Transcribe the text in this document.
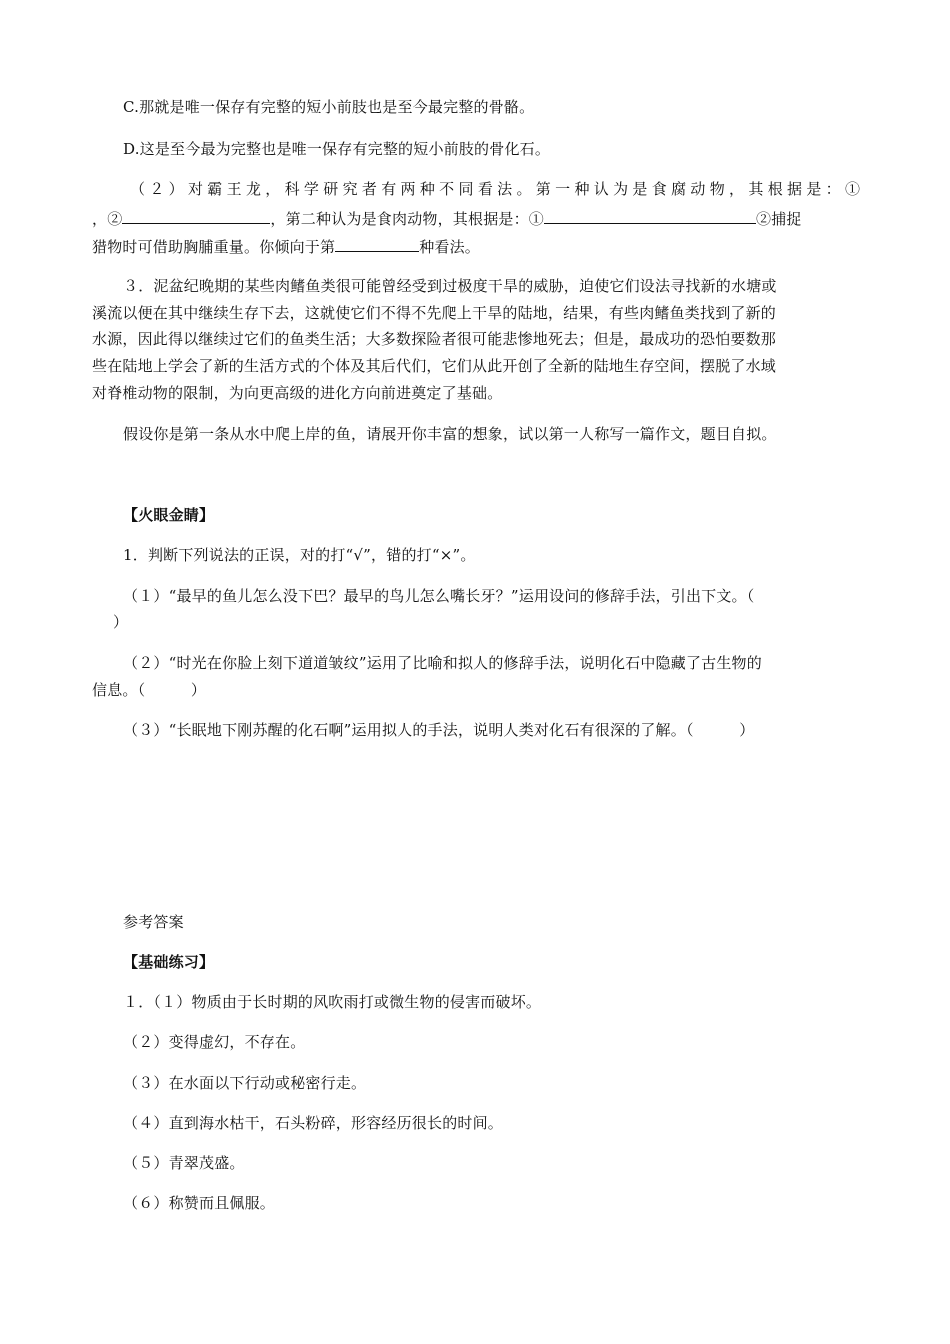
C.那就是唯一保存有完整的短小前肢也是至今最完整的骨骼。
D.这是至今最为完整也是唯一保存有完整的短小前肢的骨化石。
（２）对霸王龙，科学研究者有两种不同看法。第一种认为是食腐动物，其根据是：①
，②	，第二种认为是食肉动物，其根据是：①	②捕捉
猎物时可借助胸脯重量。你倾向于第	种看法。
３．泥盆纪晚期的某些肉鳍鱼类很可能曾经受到过极度干旱的威胁，迫使它们设法寻找新的水塘或
溪流以便在其中继续生存下去，这就使它们不得不先爬上干旱的陆地，结果，有些肉鳍鱼类找到了新的
水源，因此得以继续过它们的鱼类生活；大多数探险者很可能悲惨地死去；但是，最成功的恐怕要数那
些在陆地上学会了新的生活方式的个体及其后代们，它们从此开创了全新的陆地生存空间，摆脱了水域
对脊椎动物的限制，为向更高级的进化方向前进奠定了基础。
假设你是第一条从水中爬上岸的鱼，请展开你丰富的想象，试以第一人称写一篇作文，题目自拟。
【火眼金睛】
1．判断下列说法的正误，对的打“√”，错的打“×”。
（１）“最早的鱼儿怎么没下巴？最早的鸟儿怎么嘴长牙？”运用设问的修辞手法，引出下文。（
）
（２）“时光在你脸上刻下道道皱纹”运用了比喻和拟人的修辞手法，说明化石中隐藏了古生物的
信息。（　　　）
（３）“长眠地下刚苏醒的化石啊”运用拟人的手法，说明人类对化石有很深的了解。（　　　）
参考答案
【基础练习】
１．（１）物质由于长时期的风吹雨打或微生物的侵害而破坏。
（２）变得虚幻，不存在。
（３）在水面以下行动或秘密行走。
（４）直到海水枯干，石头粉碎，形容经历很长的时间。
（５）青翠茂盛。
（６）称赞而且佩服。
